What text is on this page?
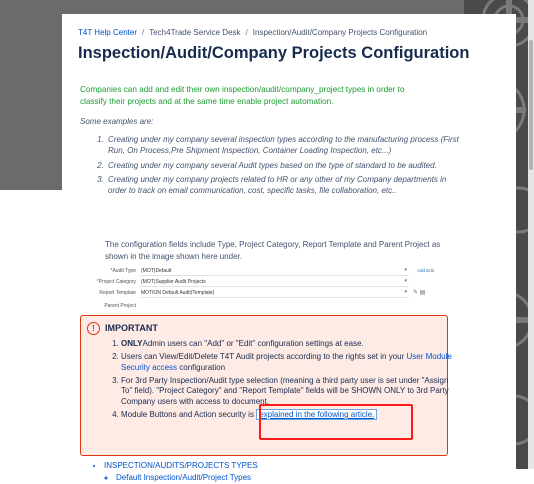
T4T Help Center / Tech4Trade Service Desk / Inspection/Audit/Company Projects Configuration
Inspection/Audit/Company Projects Configuration
Companies can add and edit their own inspection/audit/company_project types in order to classify their projects and at the same time enable project automation.
Some examples are:
1. Creating under my company several inspection types according to the manufacturing process (First Run, On Process,Pre Shipment Inspection, Container Loading Inspection, etc...)
2. Creating under my company several Audit types based on the type of standard to be audited.
3. Creating under my company projects related to HR or any other of my Company departments in order to track on email communication, cost, specific tasks, file collaboration, etc..
The configuration fields include Type, Project Category, Report Template and Parent Project as shown in the image shown here under.
*Audit Type (MOT)Default	▾ Add Edit
*Project Category (MOT)Supplier Audit Projects	▾
Report Template MOTION Default Audit(Template)	▾ ✎ ▤
Parent Project
!	IMPORTANT
1. ONLYAdmin users can "Add" or "Edit" configuration settings at ease.
2. Users can View/Edit/Delete T4T Audit projects according to the rights set in your User Module Security access configuration
3. For 3rd Party Inspection/Audit type selection (meaning a third party user is set under "Assign To" field). "Project Category" and "Report Template" fields will be SHOWN ONLY to 3rd Party Company users with access to document.
4. Module Buttons and Action security is explained in the following article.
• INSPECTION/AUDITS/PROJECTS TYPES
◦ Default Inspection/Audit/Project Types
